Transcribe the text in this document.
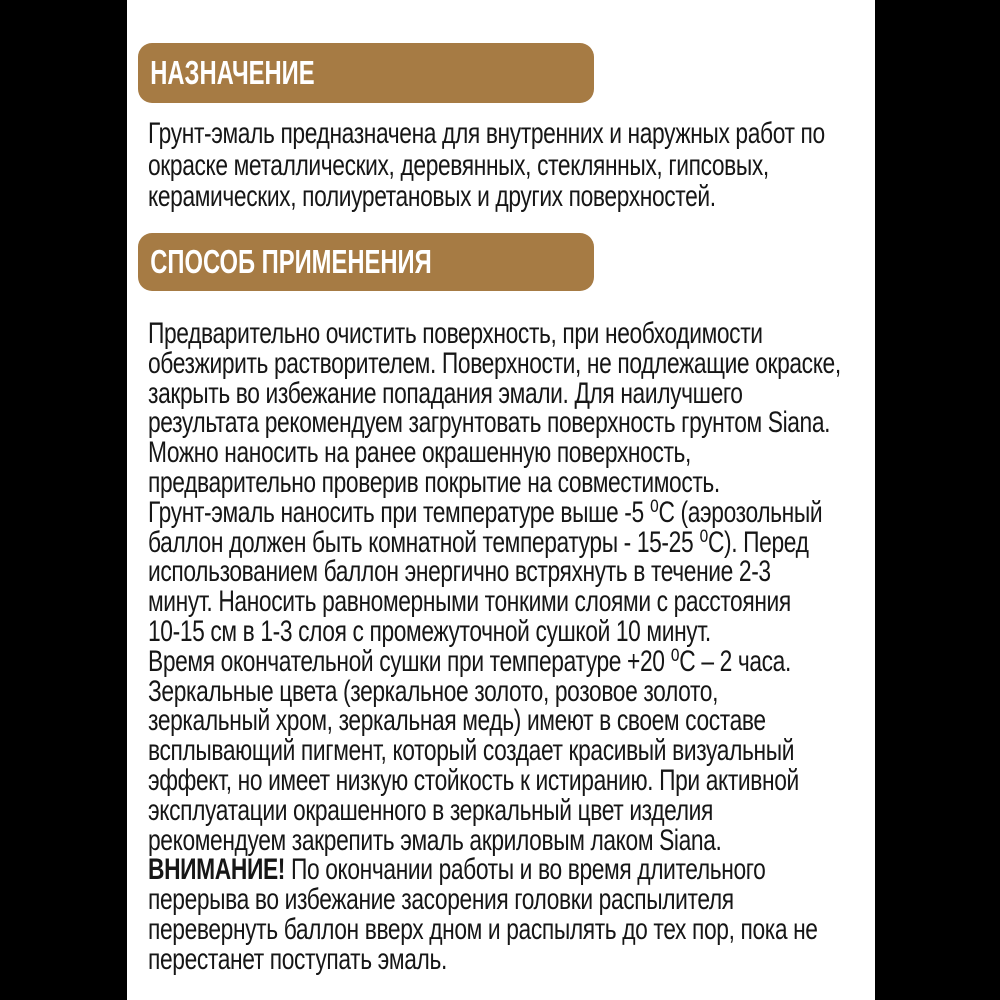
НАЗНАЧЕНИЕ
Грунт-эмаль предназначена для внутренних и наружных работ по
окраске металлических, деревянных, стеклянных, гипсовых,
керамических, полиуретановых и других поверхностей.
СПОСОБ ПРИМЕНЕНИЯ
Предварительно очистить поверхность, при необходимости
обезжирить растворителем. Поверхности, не подлежащие окраске,
закрыть во избежание попадания эмали. Для наилучшего
результата рекомендуем загрунтовать поверхность грунтом Siana.
Можно наносить на ранее окрашенную поверхность,
предварительно проверив покрытие на совместимость.
Грунт-эмаль наносить при температуре выше -5 ⁰С (аэрозольный
баллон должен быть комнатной температуры - 15-25 ⁰С). Перед
использованием баллон энергично встряхнуть в течение 2-3
минут. Наносить равномерными тонкими слоями с расстояния
10-15 см в 1-3 слоя с промежуточной сушкой 10 минут.
Время окончательной сушки при температуре +20 ⁰С – 2 часа.
Зеркальные цвета (зеркальное золото, розовое золото,
зеркальный хром, зеркальная медь) имеют в своем составе
всплывающий пигмент, который создает красивый визуальный
эффект, но имеет низкую стойкость к истиранию. При активной
эксплуатации окрашенного в зеркальный цвет изделия
рекомендуем закрепить эмаль акриловым лаком Siana.
ВНИМАНИЕ! По окончании работы и во время длительного
перерыва во избежание засорения головки распылителя
перевернуть баллон вверх дном и распылять до тех пор, пока не
перестанет поступать эмаль.
